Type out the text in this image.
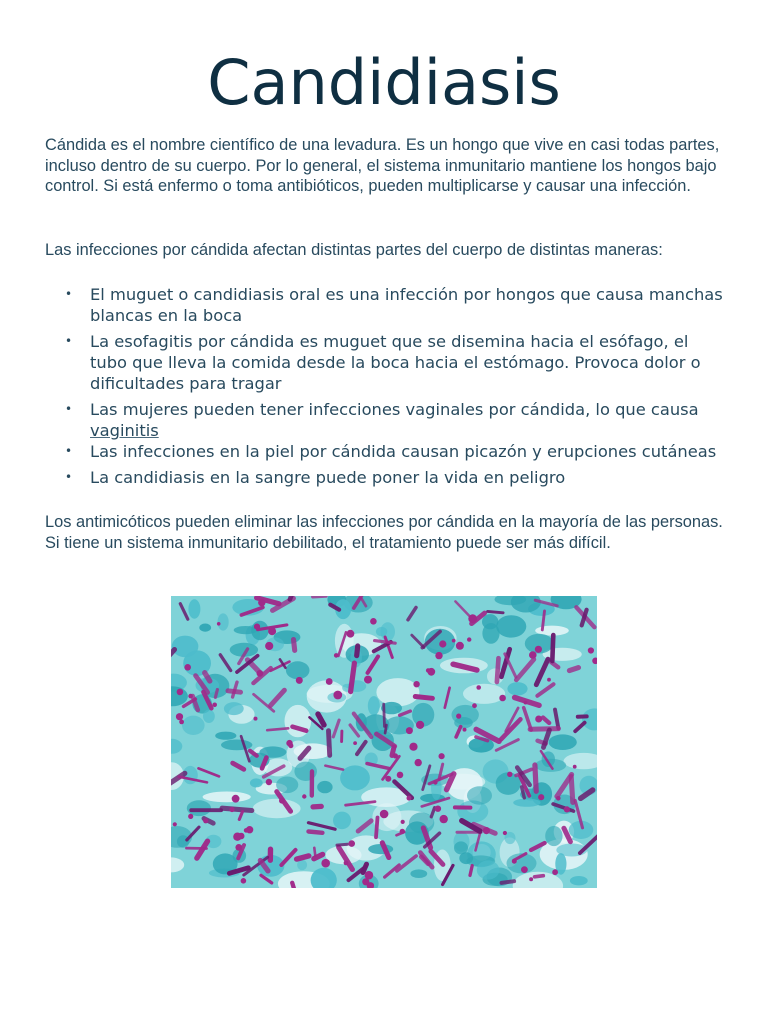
Candidiasis

Cándida es el nombre científico de una levadura. Es un hongo que vive en casi todas partes, incluso dentro de su cuerpo. Por lo general, el sistema inmunitario mantiene los hongos bajo control. Si está enfermo o toma antibióticos, pueden multiplicarse y causar una infección.

Las infecciones por cándida afectan distintas partes del cuerpo de distintas maneras:

• El muguet o candidiasis oral es una infección por hongos que causa manchas blancas en la boca
• La esofagitis por cándida es muguet que se disemina hacia el esófago, el tubo que lleva la comida desde la boca hacia el estómago. Provoca dolor o dificultades para tragar
• Las mujeres pueden tener infecciones vaginales por cándida, lo que causa vaginitis
• Las infecciones en la piel por cándida causan picazón y erupciones cutáneas
• La candidiasis en la sangre puede poner la vida en peligro

Los antimicóticos pueden eliminar las infecciones por cándida en la mayoría de las personas. Si tiene un sistema inmunitario debilitado, el tratamiento puede ser más difícil.
